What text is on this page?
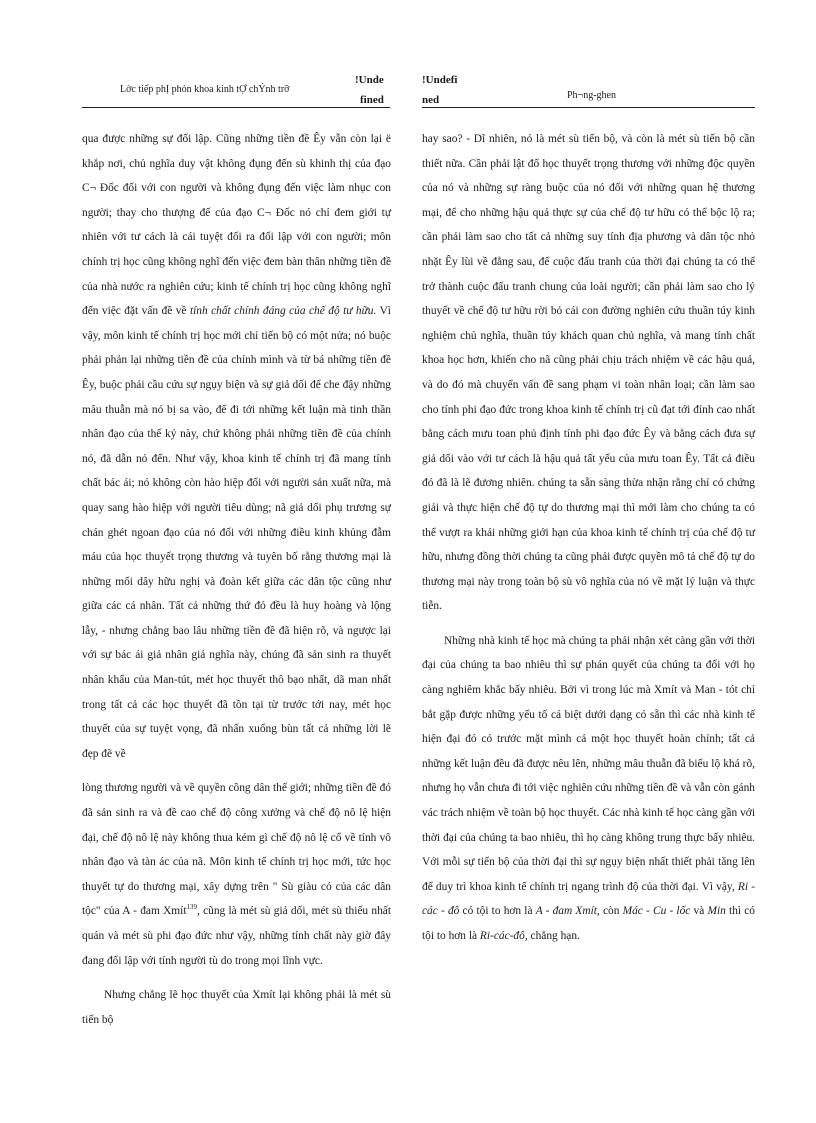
Lờc tiếp phỊ phỏn khoa kinh tỢ chÝnh trỡ
!Unde
fined
!Undefi
ned	Ph¬ng-ghen

qua được những sự đối lập. Cũng những tiền đề Êy vẫn còn lại ë khắp nơi, chủ nghĩa duy vật không đụng đến sù khinh thị của đạo C¬ Đốc đối với con người và không đụng đến việc làm nhục con người; thay cho thượng đế của đạo C¬ Đốc nó chỉ đem giới tự nhiên với tư cách là cái tuyệt đối ra đối lập với con người; môn chính trị học cũng không nghĩ đến việc đem bàn thân những tiền đề của nhà nước ra nghiên cứu; kinh tế chính trị học cũng không nghĩ đến việc đặt vấn đề về tính chất chính đáng của chế độ tư hữu. Vì vậy, môn kinh tế chính trị học mới chỉ tiến bộ có một nửa; nó buộc phải phản lại những tiền đề của chính mình và từ bá những tiền đề Êy, buộc phải cầu cứu sự ngụy biện và sự giả dối để che đậy những mâu thuẫn mà nó bị sa vào, để đi tới những kết luận mà tinh thần nhân đạo của thế kỷ này, chứ không phải những tiền đề của chính nó, đã dẫn nó đến. Như vậy, khoa kinh tế chính trị đã mang tính chất bác ái; nó không còn hào hiệp đối với người sản xuất nữa, mà quay sang hào hiệp với người tiêu dùng; nã giả dối phụ trương sự chán ghét ngoan đạo của nó đối với những điều kinh khủng đẫm máu của học thuyết trọng thương và tuyên bố rằng thương mại là những mối dây hữu nghị và đoàn kết giữa các dân tộc cũng như giữa các cá nhân. Tất cả những thứ đó đều là huy hoàng và lộng lẫy, - nhưng chẳng bao lâu những tiền đề đã hiện rõ, và ngược lại với sự bác ái giả nhân giả nghĩa này, chúng đã sản sinh ra thuyết nhân khẩu của Man-tút, mét học thuyết thô bạo nhất, dã man nhất trong tất cả các học thuyết đã tồn tại từ trước tới nay, mét học thuyết của sự tuyệt vọng, đã nhấn xuống bùn tất cả những lời lẽ đẹp đẽ về

lòng thương người và về quyền công dân thế giới; những tiền đề đó đã sản sinh ra và đề cao chế độ công xưởng và chế độ nô lệ hiện đại, chế độ nô lệ này không thua kém gì chế độ nô lệ cổ về tính vô nhân đạo và tàn ác của nã. Môn kinh tế chính trị học mới, tức học thuyết tự do thương mại, xây dựng trên " Sù giàu có của các dân tộc" của A - đam Xmít$^{139}$, cũng là mét sù giả dối, mét sù thiếu nhất quán và mét sù phi đạo đức như vậy, những tính chất này giờ đây đang đối lập với tính người tù do trong mọi lĩnh vực.

Nhưng chẳng lẽ học thuyết của Xmít lại không phải là mét sù tiến bộ

hay sao? - Dĩ nhiên, nó là mét sù tiến bộ, và còn là mét sù tiến bộ cần thiết nữa. Cần phải lật đổ học thuyết trọng thương với những độc quyền của nó và những sự ràng buộc của nó đối với những quan hệ thương mại, để cho những hậu quả thực sự của chế độ tư hữu có thể bộc lộ ra; cần phải làm sao cho tất cả những suy tính địa phương và dân tộc nhỏ nhặt Êy lùi về đằng sau, để cuộc đấu tranh của thời đại chúng ta có thể trở thành cuộc đấu tranh chung của loài người; cần phải làm sao cho lý thuyết về chế độ tư hữu rời bỏ cái con đường nghiên cứu thuần túy kinh nghiệm chủ nghĩa, thuần túy khách quan chủ nghĩa, và mang tính chất khoa học hơn, khiến cho nã cũng phải chịu trách nhiệm về các hậu quả, và do đó mà chuyển vấn đề sang phạm vi toàn nhân loại; cần làm sao cho tính phi đạo đức trong khoa kinh tế chính trị cũ đạt tới đỉnh cao nhất bằng cách mưu toan phủ định tính phi đạo đức Êy và bằng cách đưa sự giả dối vào với tư cách là hậu quả tất yếu của mưu toan Êy. Tất cả điều đó đã là lẽ đương nhiên. chúng ta sẵn sàng thừa nhận rằng chỉ có chứng giải và thực hiện chế độ tự do thương mại thì mới làm cho chúng ta có thể vượt ra khái những giới hạn của khoa kinh tế chính trị của chế độ tư hữu, nhưng đồng thời chúng ta cũng phải được quyền mô tả chế độ tự do thương mại này trong toàn bộ sù vô nghĩa của nó về mặt lý luận và thực tiễn.

Những nhà kinh tế học mà chúng ta phải nhận xét càng gần với thời đại của chúng ta bao nhiêu thì sự phán quyết của chúng ta đối với họ càng nghiêm khắc bấy nhiêu. Bởi vì trong lúc mà Xmít và Man - tót chỉ bắt gặp được những yếu tố cá biệt dưới dạng có sẵn thì các nhà kinh tế hiện đại đó có trước mặt mình cả một học thuyết hoàn chỉnh; tất cả những kết luận đều đã được nêu lên, những mâu thuẫn đã biểu lộ khá rõ, nhưng họ vẫn chưa đi tới việc nghiên cứu những tiền đề và vẫn còn gánh vác trách nhiệm về toàn bộ học thuyết. Các nhà kinh tế học càng gần với thời đại của chúng ta bao nhiêu, thì họ càng không trung thực bấy nhiêu. Với mỗi sự tiến bộ của thời đại thì sự ngụy biện nhất thiết phải tăng lên để duy trì khoa kinh tế chính trị ngang trình độ của thời đại. Vì vậy, Ri - các - đô có tội to hơn là A - đam Xmít, còn Mác - Cu - lốc và Min thì có tội to hơn là Ri-các-đô, chẳng hạn.
